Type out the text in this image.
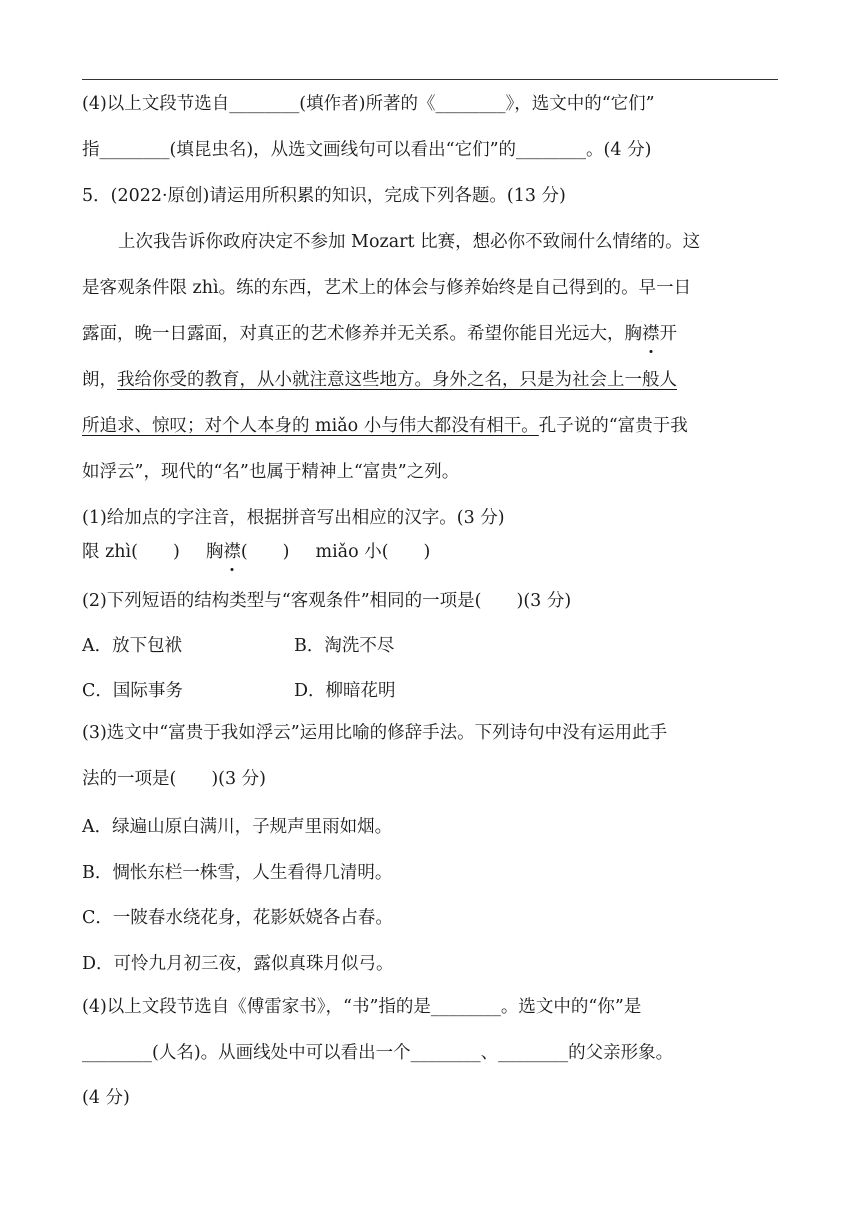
(4)以上文段节选自________(填作者)所著的《________》，选文中的“它们”
指________(填昆虫名)，从选文画线句可以看出“它们”的________。(4 分)
5．(2022·原创)请运用所积累的知识，完成下列各题。(13 分)
上次我告诉你政府决定不参加 Mozart 比赛，想必你不致闹什么情绪的。这
是客观条件限 zhì。练的东西，艺术上的体会与修养始终是自己得到的。早一日
露面，晚一日露面，对真正的艺术修养并无关系。希望你能目光远大，胸襟开
朗，我给你受的教育，从小就注意这些地方。身外之名，只是为社会上一般人
所追求、惊叹；对个人本身的 miǎo 小与伟大都没有相干。孔子说的“富贵于我
如浮云”，现代的“名”也属于精神上“富贵”之列。
(1)给加点的字注音，根据拼音写出相应的汉字。(3 分)
限 zhì(　　) 胸襟(　　) miǎo 小(　　)
(2)下列短语的结构类型与“客观条件”相同的一项是(　　)(3 分)
A．放下包袱	B．淘洗不尽
C．国际事务	D．柳暗花明
(3)选文中“富贵于我如浮云”运用比喻的修辞手法。下列诗句中没有运用此手
法的一项是(　　)(3 分)
A．绿遍山原白满川，子规声里雨如烟。
B．惆怅东栏一株雪，人生看得几清明。
C．一陂春水绕花身，花影妖娆各占春。
D．可怜九月初三夜，露似真珠月似弓。
(4)以上文段节选自《傅雷家书》，“书”指的是________。选文中的“你”是
________(人名)。从画线处中可以看出一个________、________的父亲形象。
(4 分)
